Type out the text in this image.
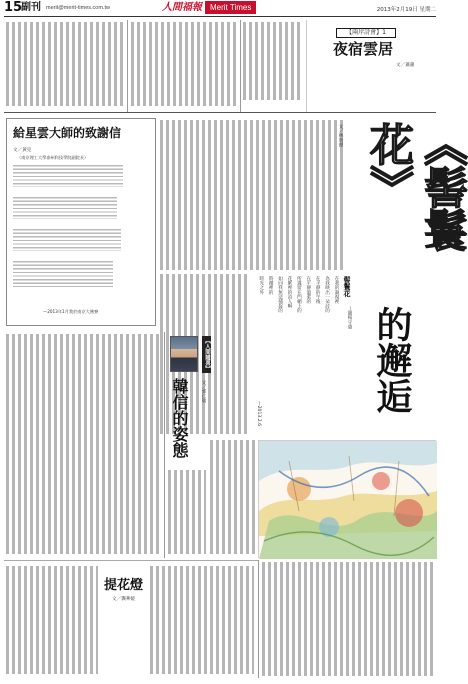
15
副刊 merit@merit-times.com.tw	人間福報	Merit Times	2013年2月19日 星期二
【兩岸詩會】1
夜宿雲居
文／蕭蕭
給星雲大師的致謝信
文／黃克
（南京理工大學泰州科技學院副院長）
—2013年1月我於南京大佛寮
文／林明理	《髻鬟花》
的邂逅
髻鬟花
—題楊守愚
在我的凝視裡
為我映出一朵詩的
在平靜的午後
在平靜溫柔的
所遺留在門楣上的
花絮裡的詩人啊
如同我無法捕捉的
時鐘裡的
時光之外
—2013.2.6
【人間隨喜】
韓信的姿態	文／郭仁明
提花燈
文／龔華媛
